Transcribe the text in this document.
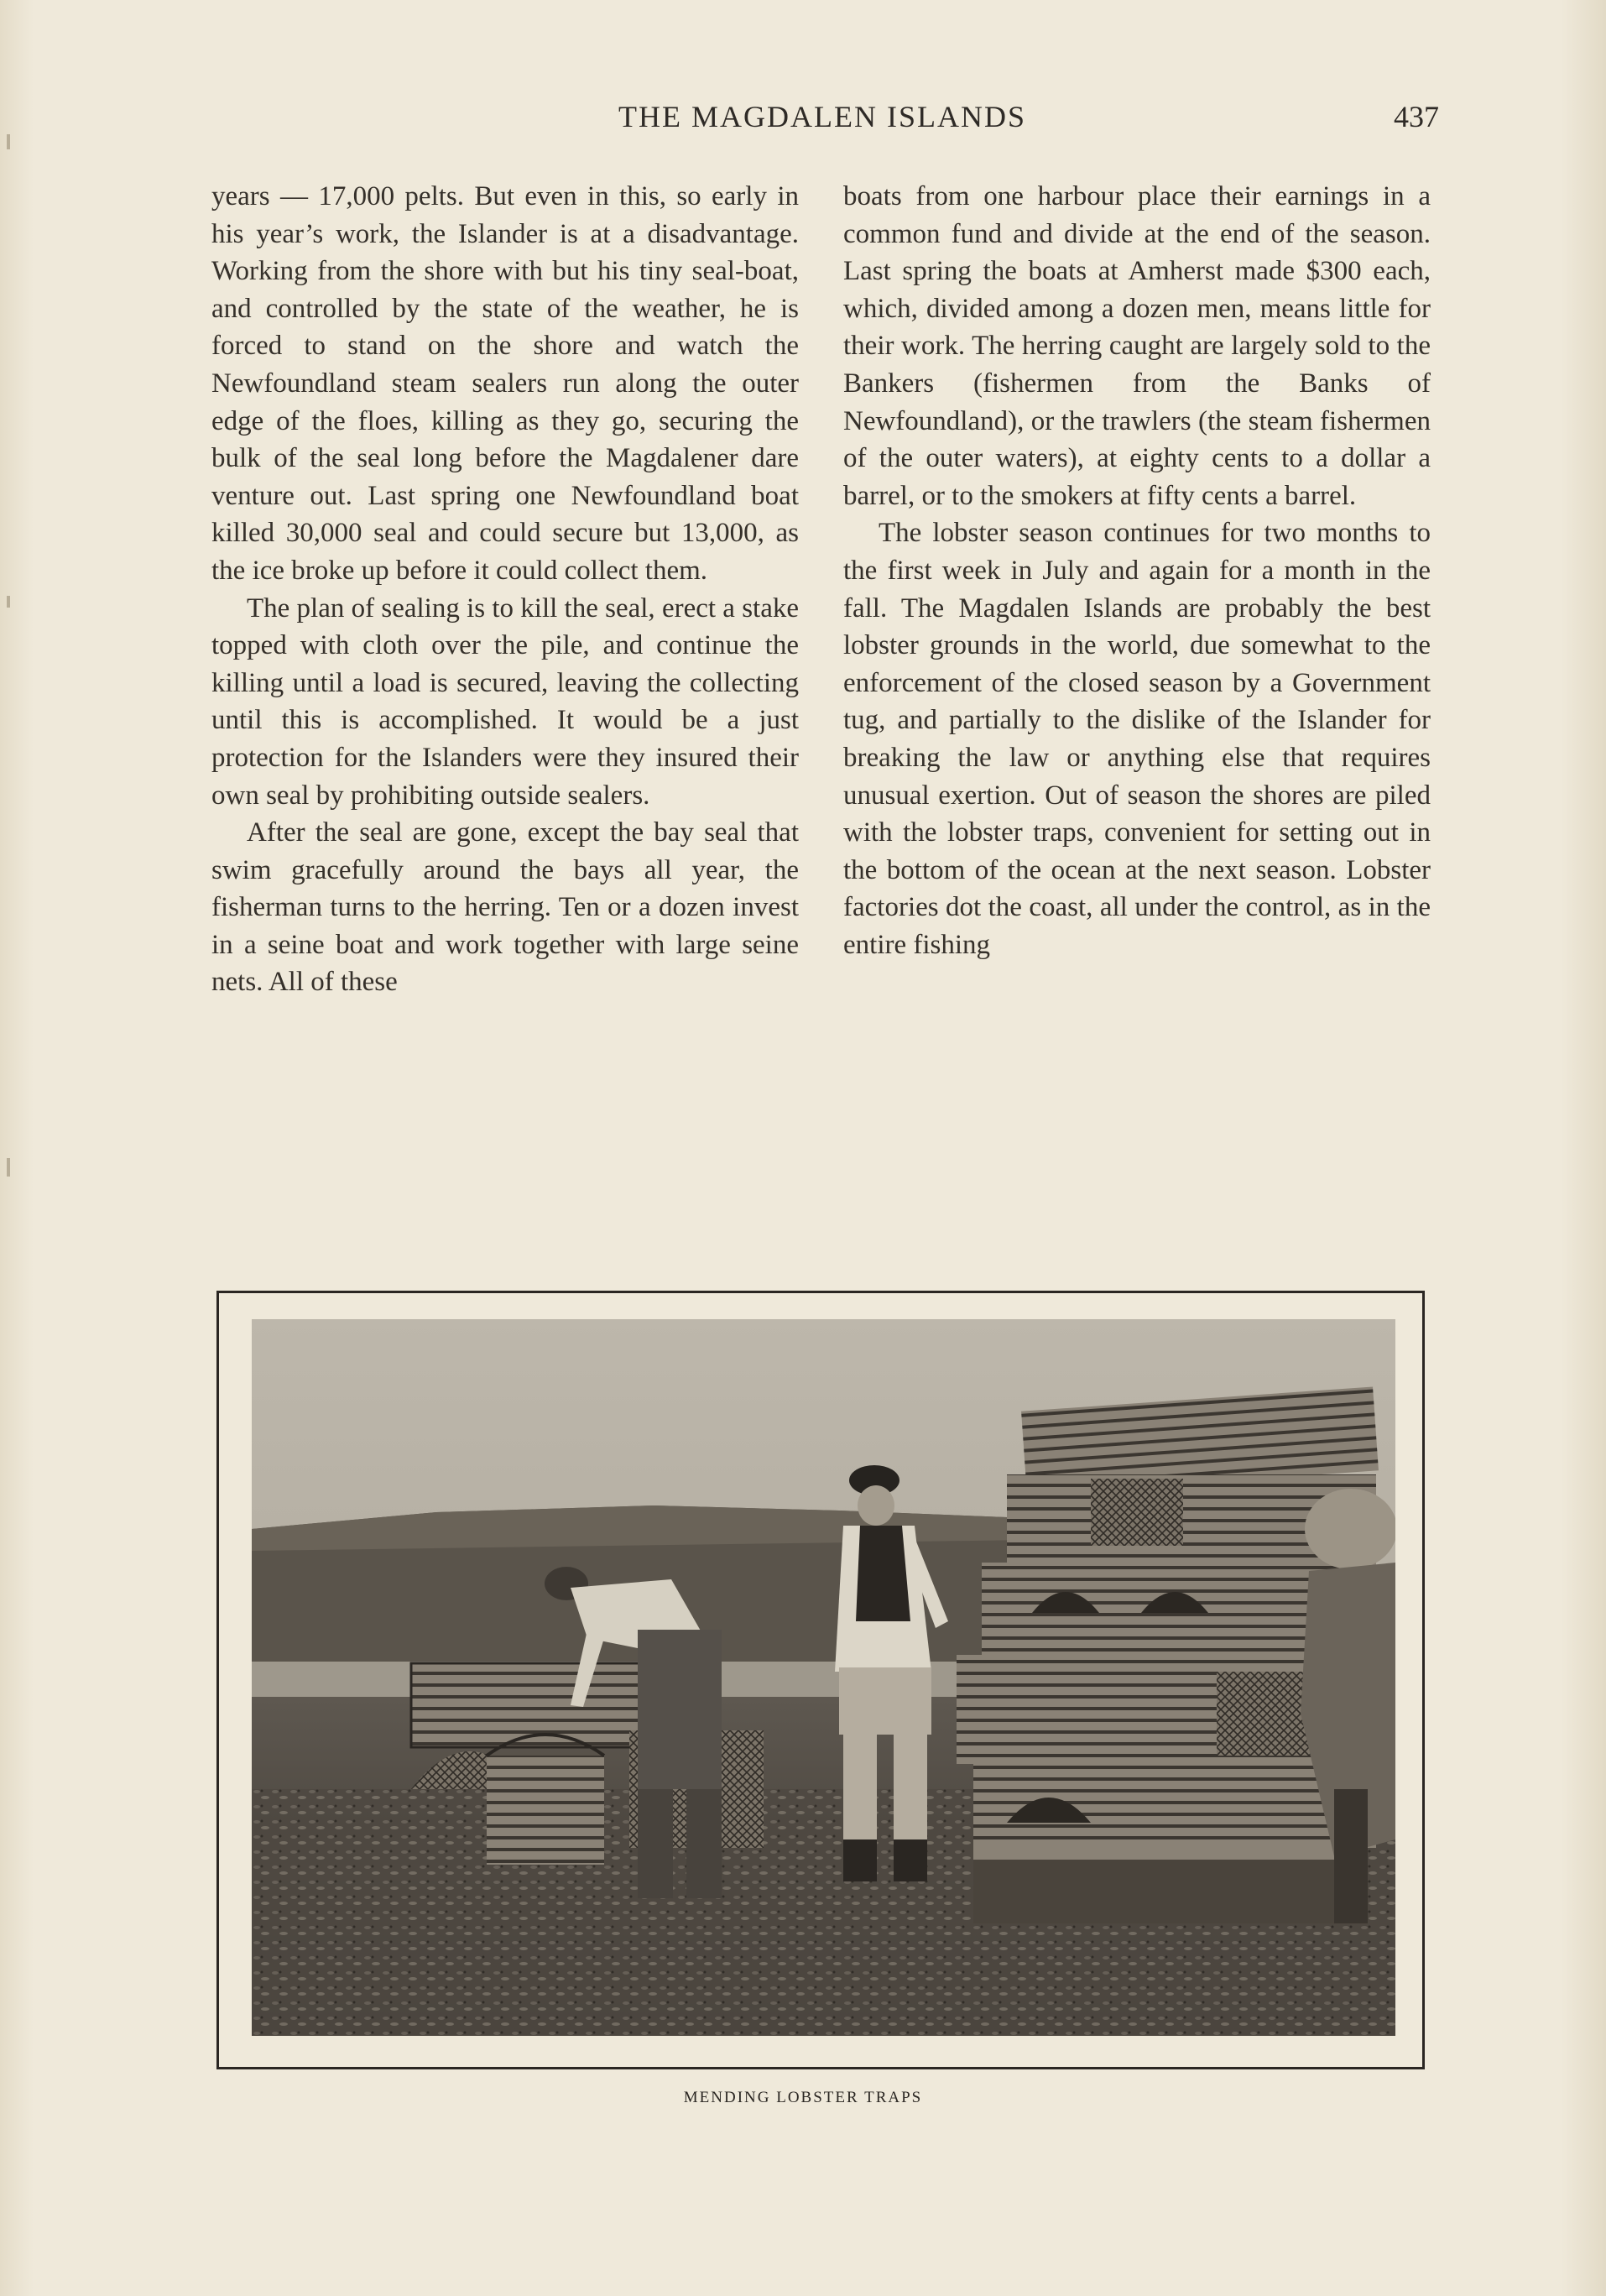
THE MAGDALEN ISLANDS	437

years — 17,000 pelts. But even in this, so early in his year’s work, the Islander is at a disadvantage. Working from the shore with but his tiny seal-boat, and controlled by the state of the weather, he is forced to stand on the shore and watch the Newfoundland steam sealers run along the outer edge of the floes, killing as they go, securing the bulk of the seal long before the Magdalener dare venture out. Last spring one Newfoundland boat killed 30,000 seal and could secure but 13,000, as the ice broke up before it could collect them.

The plan of sealing is to kill the seal, erect a stake topped with cloth over the pile, and continue the killing until a load is secured, leaving the collecting until this is accomplished. It would be a just protection for the Islanders were they insured their own seal by prohibiting outside sealers.

After the seal are gone, except the bay seal that swim gracefully around the bays all year, the fisherman turns to the herring. Ten or a dozen invest in a seine boat and work together with large seine nets. All of these

boats from one harbour place their earnings in a common fund and divide at the end of the season. Last spring the boats at Amherst made $300 each, which, divided among a dozen men, means little for their work. The herring caught are largely sold to the Bankers (fishermen from the Banks of Newfoundland), or the trawlers (the steam fishermen of the outer waters), at eighty cents to a dollar a barrel, or to the smokers at fifty cents a barrel.

The lobster season continues for two months to the first week in July and again for a month in the fall. The Magdalen Islands are probably the best lobster grounds in the world, due somewhat to the enforcement of the closed season by a Government tug, and partially to the dislike of the Islander for breaking the law or anything else that requires unusual exertion. Out of season the shores are piled with the lobster traps, convenient for setting out in the bottom of the ocean at the next season. Lobster factories dot the coast, all under the control, as in the entire fishing

MENDING LOBSTER TRAPS
